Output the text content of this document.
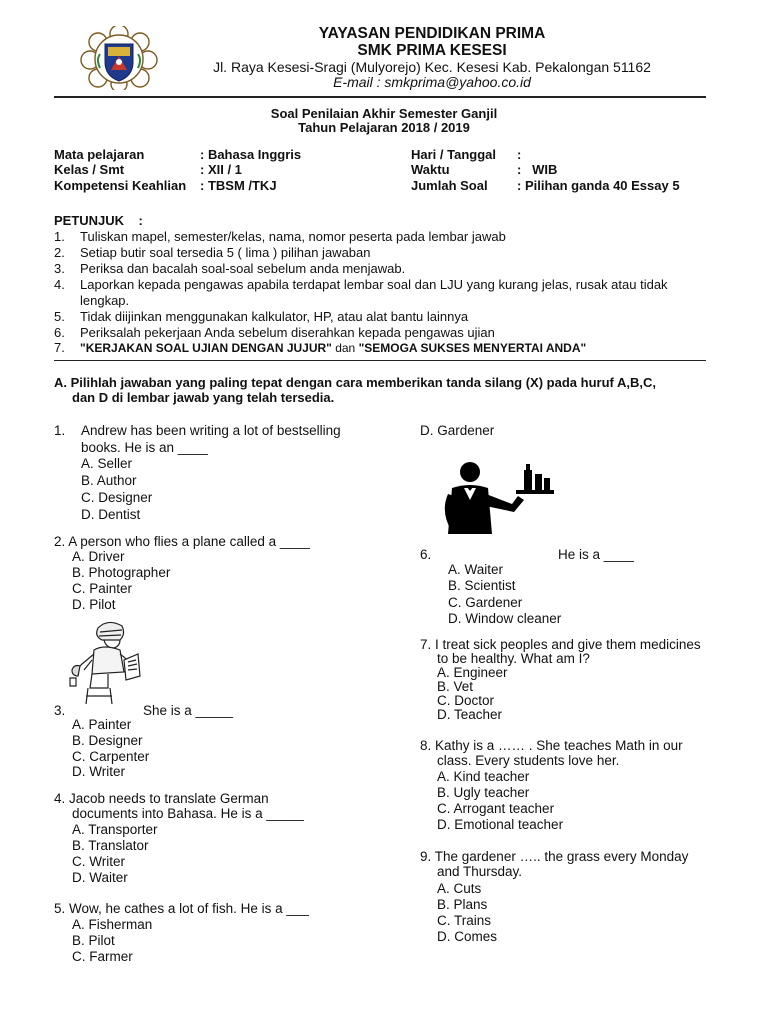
YAYASAN PENDIDIKAN PRIMA
SMK PRIMA KESESI
Jl. Raya Kesesi-Sragi (Mulyorejo) Kec. Kesesi Kab. Pekalongan 51162
E-mail : smkprima@yahoo.co.id
Soal Penilaian Akhir Semester Ganjil
Tahun Pelajaran 2018 / 2019
Mata pelajaran	: Bahasa Inggris
Kelas / Smt	: XII / 1
Kompetensi Keahlian : TBSM /TKJ
Hari / Tanggal :
Waktu	:   WIB
Jumlah Soal : Pilihan ganda 40 Essay 5
PETUNJUK    :
1. Tuliskan mapel, semester/kelas, nama, nomor peserta pada lembar jawab
2. Setiap butir soal tersedia 5 ( lima ) pilihan jawaban
3. Periksa dan bacalah soal-soal sebelum anda menjawab.
4. Laporkan kepada pengawas apabila terdapat lembar soal dan LJU yang kurang jelas, rusak atau tidak
lengkap.
5. Tidak diijinkan menggunakan kalkulator, HP, atau alat bantu lainnya
6. Periksalah pekerjaan Anda sebelum diserahkan kepada pengawas ujian
7. "KERJAKAN SOAL UJIAN DENGAN JUJUR" dan "SEMOGA SUKSES MENYERTAI ANDA"
A. Pilihlah jawaban yang paling tepat dengan cara memberikan tanda silang (X) pada huruf A,B,C,
dan D di lembar jawab yang telah tersedia.
1. Andrew has been writing a lot of bestselling
books. He is an ____
A. Seller
B. Author
C. Designer
D. Dentist
2. A person who flies a plane called a ____
A. Driver
B. Photographer
C. Painter
D. Pilot
3.	She is a _____
A. Painter
B. Designer
C. Carpenter
D. Writer
4. Jacob needs to translate German
documents into Bahasa. He is a _____
A. Transporter
B. Translator
C. Writer
D. Waiter
5. Wow, he cathes a lot of fish. He is a ___
A. Fisherman
B. Pilot
C. Farmer
D. Gardener
6.	He is a ____
A. Waiter
B. Scientist
C. Gardener
D. Window cleaner
7. I treat sick peoples and give them medicines
to be healthy. What am I?
A. Engineer
B. Vet
C. Doctor
D. Teacher
8. Kathy is a …… . She teaches Math in our
class. Every students love her.
A. Kind teacher
B. Ugly teacher
C. Arrogant teacher
D. Emotional teacher
9. The gardener ….. the grass every Monday
and Thursday.
A. Cuts
B. Plans
C. Trains
D. Comes
